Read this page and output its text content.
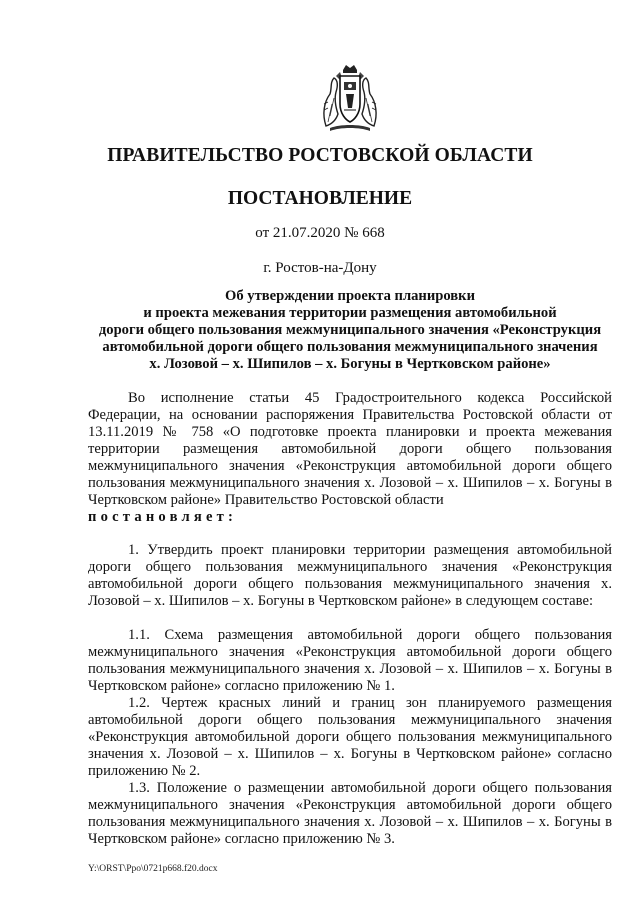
ПРАВИТЕЛЬСТВО РОСТОВСКОЙ ОБЛАСТИ
ПОСТАНОВЛЕНИЕ
от 21.07.2020 № 668
г. Ростов-на-Дону
Об утверждении проекта планировки
и проекта межевания территории размещения автомобильной
дороги общего пользования межмуниципального значения «Реконструкция
автомобильной дороги общего пользования межмуниципального значения
х. Лозовой – х. Шипилов – х. Богуны в Чертковском районе»

Во исполнение статьи 45 Градостроительного кодекса Российской Федерации, на основании распоряжения Правительства Ростовской области от 13.11.2019 № 758 «О подготовке проекта планировки и проекта межевания территории размещения автомобильной дороги общего пользования межмуниципального значения «Реконструкция автомобильной дороги общего пользования межмуниципального значения х. Лозовой – х. Шипилов – х. Богуны в Чертковском районе» Правительство Ростовской области
постановляет:

1. Утвердить проект планировки территории размещения автомобильной дороги общего пользования межмуниципального значения «Реконструкция автомобильной дороги общего пользования межмуниципального значения х. Лозовой – х. Шипилов – х. Богуны в Чертковском районе» в следующем составе:

1.1. Схема размещения автомобильной дороги общего пользования межмуниципального значения «Реконструкция автомобильной дороги общего пользования межмуниципального значения х. Лозовой – х. Шипилов – х. Богуны в Чертковском районе» согласно приложению № 1.

1.2. Чертеж красных линий и границ зон планируемого размещения автомобильной дороги общего пользования межмуниципального значения «Реконструкция автомобильной дороги общего пользования межмуниципального значения х. Лозовой – х. Шипилов – х. Богуны в Чертковском районе» согласно приложению № 2.

1.3. Положение о размещении автомобильной дороги общего пользования межмуниципального значения «Реконструкция автомобильной дороги общего пользования межмуниципального значения х. Лозовой – х. Шипилов – х. Богуны в Чертковском районе» согласно приложению № 3.

Y:\ORST\Ppo\0721p668.f20.docx
